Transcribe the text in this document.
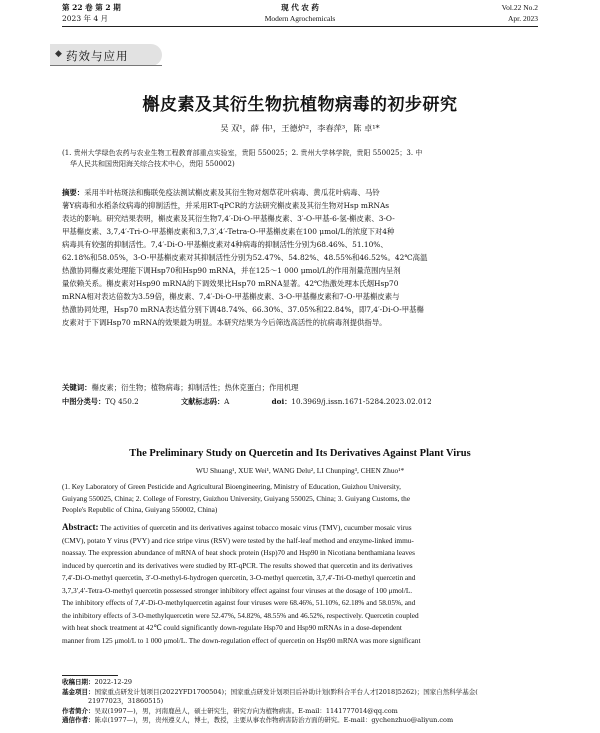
第 22 卷 第 2 期
2023 年 4 月
现 代 农 药
Modern Agrochemicals
Vol.22 No.2
Apr. 2023
◆ 药效与应用
槲皮素及其衍生物抗植物病毒的初步研究
吴 双¹，薛 伟¹，王德炉²，李春萍³，陈 卓¹*
(1. 贵州大学绿色农药与农业生物工程教育部重点实验室，贵阳 550025；2. 贵州大学林学院，贵阳 550025；3. 中
华人民共和国贵阳海关综合技术中心，贵阳 550002)
摘要：采用半叶枯斑法和酶联免疫法测试槲皮素及其衍生物对烟草花叶病毒、黄瓜花叶病毒、马铃
薯Y病毒和水稻条纹病毒的抑制活性，并采用RT-qPCR的方法研究槲皮素及其衍生物对Hsp mRNAs
表达的影响。研究结果表明，槲皮素及其衍生物7,4′-Di-O-甲基槲皮素、3′-O-甲基-6-氢-槲皮素、3-O-
甲基槲皮素、3,7,4′-Tri-O-甲基槲皮素和3,7,3′,4′-Tetra-O-甲基槲皮素在100 μmol/L的浓度下对4种
病毒具有较强的抑制活性。7,4′-Di-O-甲基槲皮素对4种病毒的抑制活性分别为68.46%、51.10%、
62.18%和58.05%，3-O-甲基槲皮素对其抑制活性分别为52.47%、54.82%、48.55%和46.52%。42℃高温
热激协同槲皮素处理能下调Hsp70和Hsp90 mRNA，并在125～1 000 μmol/L的作用剂量范围内呈剂
量依赖关系。槲皮素对Hsp90 mRNA的下调效果比Hsp70 mRNA显著。42℃热激处理本氏烟Hsp70
mRNA相对表达倍数为3.59倍，槲皮素、7,4′-Di-O-甲基槲皮素、3-O-甲基槲皮素和7-O-甲基槲皮素与
热激协同处理，Hsp70 mRNA表达值分别下调48.74%、66.30%、37.05%和22.84%，即7,4′-Di-O-甲基槲
皮素对于下调Hsp70 mRNA的效果最为明显。本研究结果为今后筛选高活性的抗病毒剂提供指导。
关键词：槲皮素；衍生物；植物病毒；抑制活性；热休克蛋白；作用机理
中图分类号：TQ 450.2	文献标志码：A	doi：10.3969/j.issn.1671-5284.2023.02.012
The Preliminary Study on Quercetin and Its Derivatives Against Plant Virus
WU Shuang¹, XUE Wei¹, WANG Delu², LI Chunping³, CHEN Zhuo¹*
(1. Key Laboratory of Green Pesticide and Agricultural Bioengineering, Ministry of Education, Guizhou University,
Guiyang 550025, China; 2. College of Forestry, Guizhou University, Guiyang 550025, China; 3. Guiyang Customs, the
People's Republic of China, Guiyang 550002, China)
Abstract: The activities of quercetin and its derivatives against tobacco mosaic virus (TMV), cucumber mosaic virus
(CMV), potato Y virus (PVY) and rice stripe virus (RSV) were tested by the half-leaf method and enzyme-linked immu-
noassay. The expression abundance of mRNA of heat shock protein (Hsp)70 and Hsp90 in Nicotiana benthamiana leaves
induced by quercetin and its derivatives were studied by RT-qPCR. The results showed that quercetin and its derivatives
7,4′-Di-O-methyl quercetin, 3′-O-methyl-6-hydrogen quercetin, 3-O-methyl quercetin, 3,7,4′-Tri-O-methyl quercetin and
3,7,3′,4′-Tetra-O-methyl quercetin possessed stronger inhibitory effect against four viruses at the dosage of 100 μmol/L.
The inhibitory effects of 7,4′-Di-O-methylquercetin against four viruses were 68.46%, 51.10%, 62.18% and 58.05%, and
the inhibitory effects of 3-O-methylquercetin were 52.47%, 54.82%, 48.55% and 46.52%, respectively. Quercetin coupled
with heat shock treatment at 42℃ could significantly down-regulate Hsp70 and Hsp90 mRNAs in a dose-dependent
manner from 125 μmol/L to 1 000 μmol/L. The down-regulation effect of quercetin on Hsp90 mRNA was more significant
收稿日期：2022-12-29
基金项目：国家重点研发计划项目(2022YFD1700504)；国家重点研发计划项目后补助计划(黔科合平台人才[2018]5262)；国家自然科学基金(
21977023，31860515)
作者简介：吴双(1997—)，男，河南鹿邑人，硕士研究生，研究方向为植物病害。E-mail：1141777014@qq.com
通信作者：陈卓(1977—)，男，贵州遵义人，博士，教授，主要从事农作物病害防治方面的研究。E-mail：gychenzhuo@aliyun.com
